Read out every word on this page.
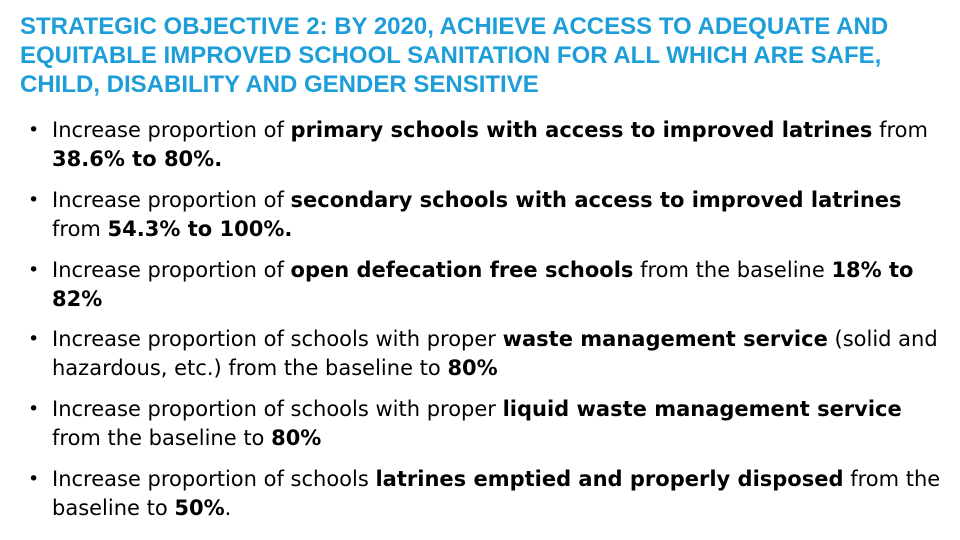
STRATEGIC OBJECTIVE 2: BY 2020, ACHIEVE ACCESS TO ADEQUATE AND EQUITABLE IMPROVED SCHOOL SANITATION FOR ALL WHICH ARE SAFE, CHILD, DISABILITY AND GENDER SENSITIVE
• Increase proportion of primary schools with access to improved latrines from 38.6% to 80%.
• Increase proportion of secondary schools with access to improved latrines from 54.3% to 100%.
• Increase proportion of open defecation free schools from the baseline 18% to 82%
• Increase proportion of schools with proper waste management service (solid and hazardous, etc.) from the baseline to 80%
• Increase proportion of schools with proper liquid waste management service from the baseline to 80%
• Increase proportion of schools latrines emptied and properly disposed from the baseline to 50%.
